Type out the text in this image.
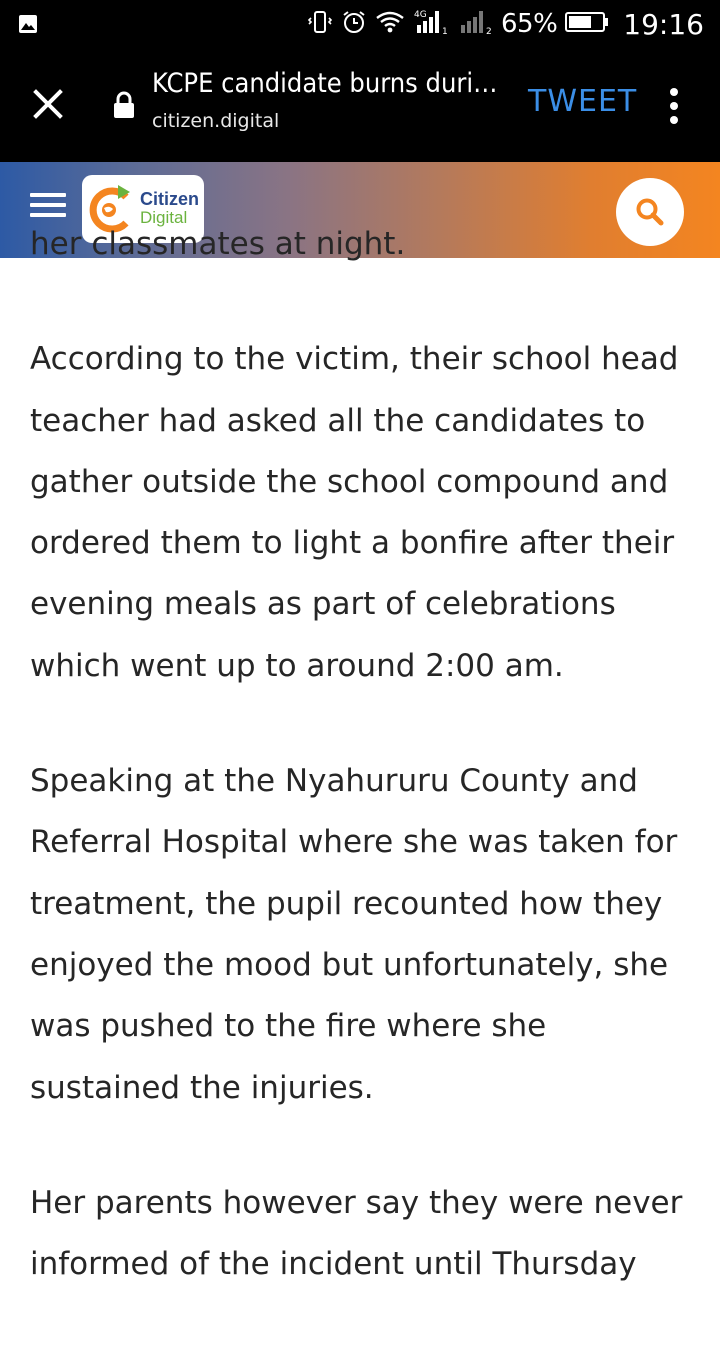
4G
1	2 65% 19:16
KCPE candidate burns duri…
citizen.digital
TWEET
Citizen
Digital

her classmates at night.

According to the victim, their school head teacher had asked all the candidates to gather outside the school compound and ordered them to light a bonfire after their evening meals as part of celebrations which went up to around 2:00 am.

Speaking at the Nyahururu County and Referral Hospital where she was taken for treatment, the pupil recounted how they enjoyed the mood but unfortunately, she was pushed to the fire where she sustained the injuries.

Her parents however say they were never informed of the incident until Thursday
